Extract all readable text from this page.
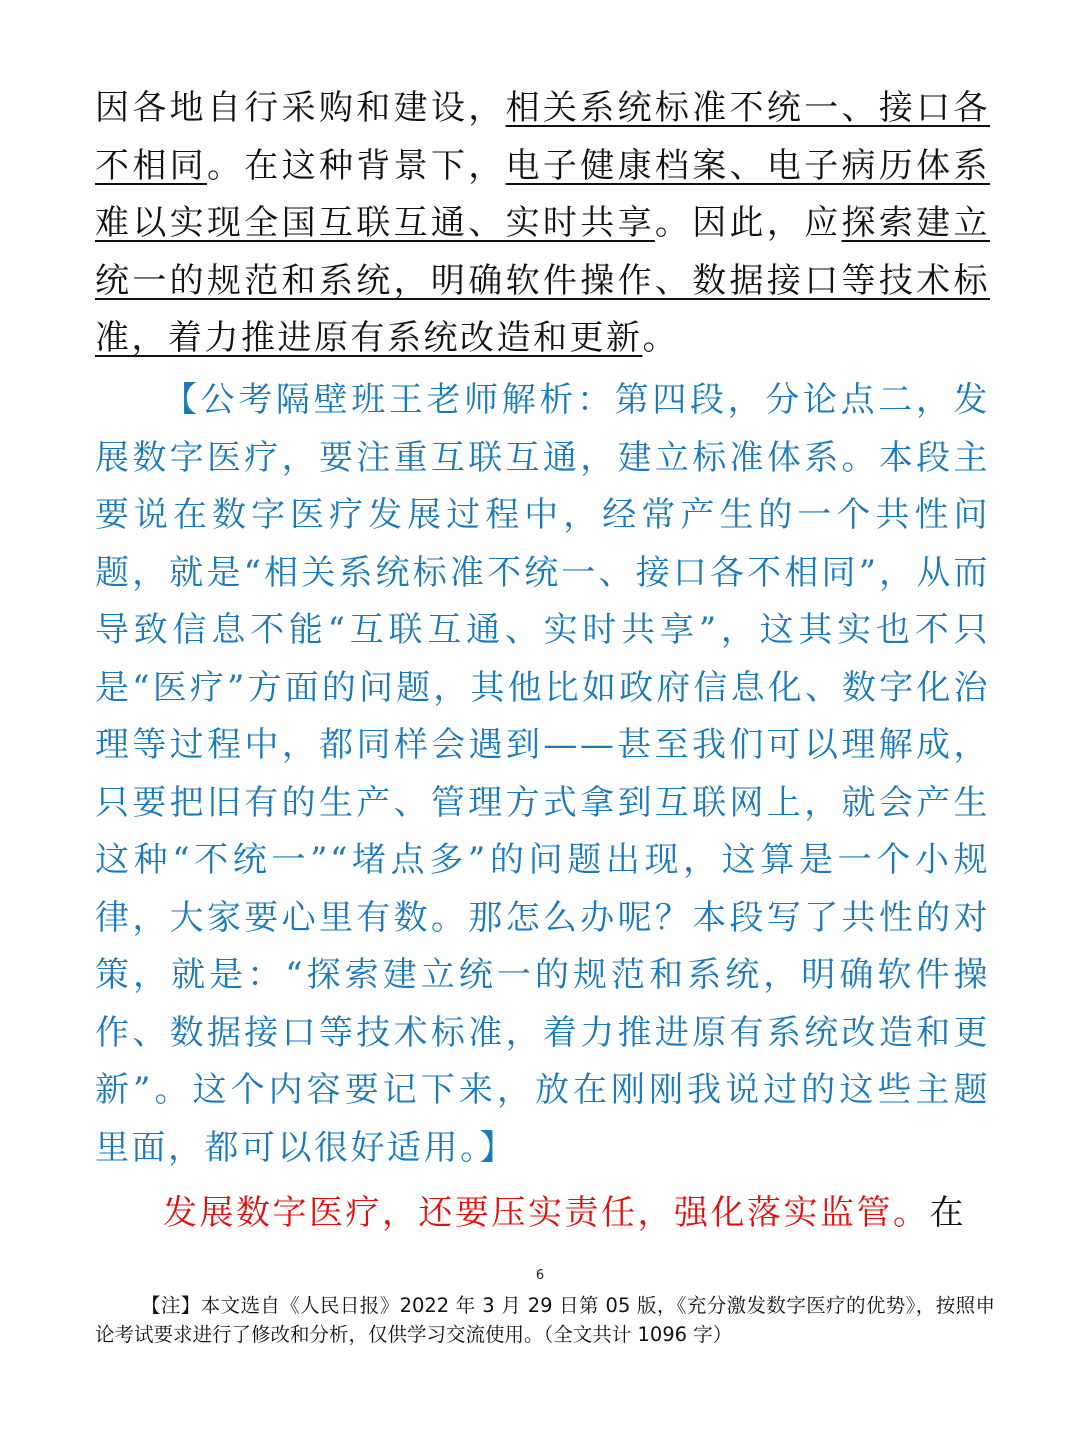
因各地自行采购和建设，相关系统标准不统一、接口各不相同。在这种背景下，电子健康档案、电子病历体系难以实现全国互联互通、实时共享。因此，应探索建立统一的规范和系统，明确软件操作、数据接口等技术标准，着力推进原有系统改造和更新。
【公考隔壁班王老师解析：第四段，分论点二，发展数字医疗，要注重互联互通，建立标准体系。本段主要说在数字医疗发展过程中，经常产生的一个共性问题，就是“相关系统标准不统一、接口各不相同”，从而导致信息不能“互联互通、实时共享”，这其实也不只是“医疗”方面的问题，其他比如政府信息化、数字化治理等过程中，都同样会遇到——甚至我们可以理解成，只要把旧有的生产、管理方式拿到互联网上，就会产生这种“不统一”“堵点多”的问题出现，这算是一个小规律，大家要心里有数。那怎么办呢？本段写了共性的对策，就是：“探索建立统一的规范和系统，明确软件操作、数据接口等技术标准，着力推进原有系统改造和更新”。这个内容要记下来，放在刚刚我说过的这些主题里面，都可以很好适用。】
发展数字医疗，还要压实责任，强化落实监管。在
6
【注】本文选自《人民日报》2022 年 3 月 29 日第 05 版，《充分激发数字医疗的优势》，按照申论考试要求进行了修改和分析，仅供学习交流使用。（全文共计 1096 字）
